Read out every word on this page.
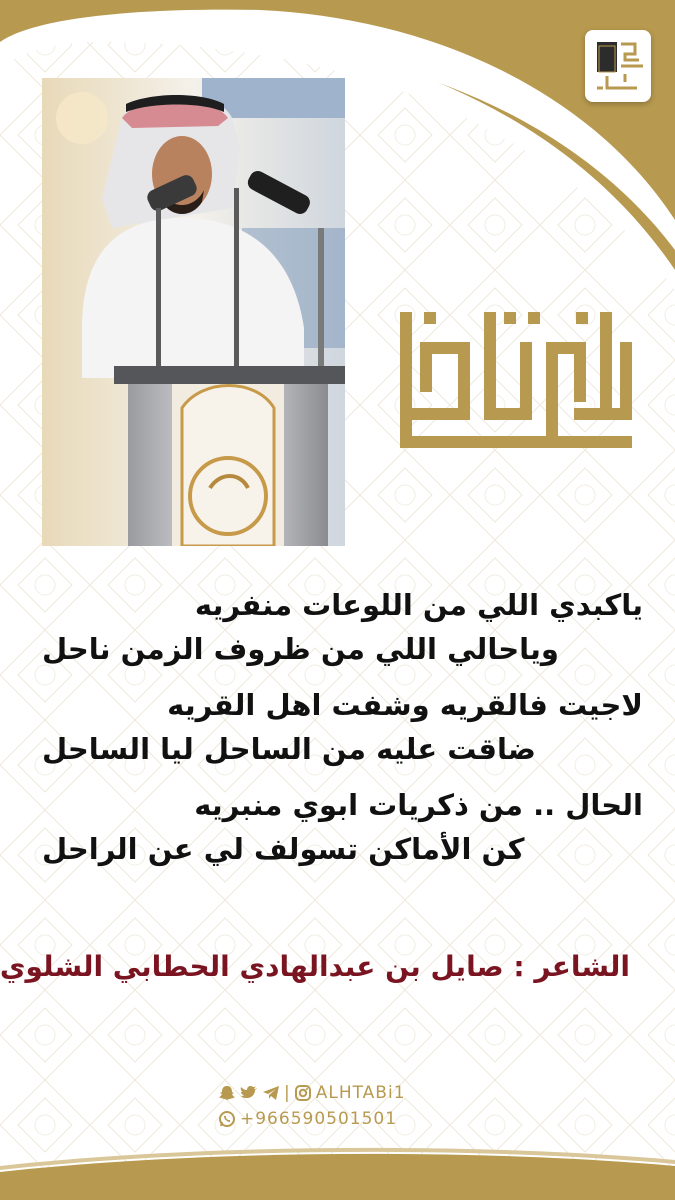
ياكبدي اللي من اللوعات منفريه
وياحالي اللي من ظروف الزمن ناحل
لاجيت فالقريه وشفت اهل القريه
ضاقت عليه من الساحل ليا الساحل
الحال .. من ذكريات ابوي منبريه
كن الأماكن تسولف لي عن الراحل
الشاعر : صايل بن عبدالهادي الحطابي الشلوي
| ALHTABi1
+966590501501
